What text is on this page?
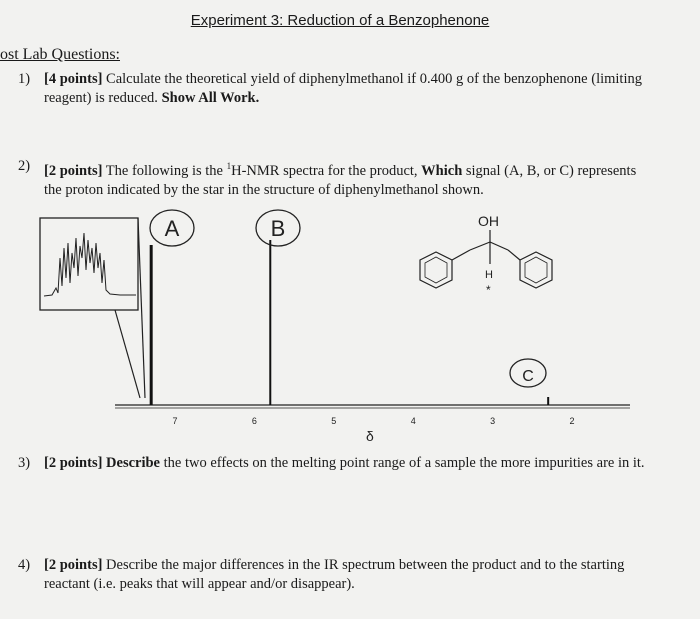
Experiment 3: Reduction of a Benzophenone
ost Lab Questions:
1) [4 points] Calculate the theoretical yield of diphenylmethanol if 0.400 g of the benzophenone (limiting reagent) is reduced. Show All Work.
2) [2 points] The following is the $^1$H-NMR spectra for the product, Which signal (A, B, or C) represents the proton indicated by the star in the structure of diphenylmethanol shown.
7	6	5	4	3	2
A	B
C
OH
H
*
δ
3) [2 points] Describe the two effects on the melting point range of a sample the more impurities are in it.
4) [2 points] Describe the major differences in the IR spectrum between the product and to the starting reactant (i.e. peaks that will appear and/or disappear).
